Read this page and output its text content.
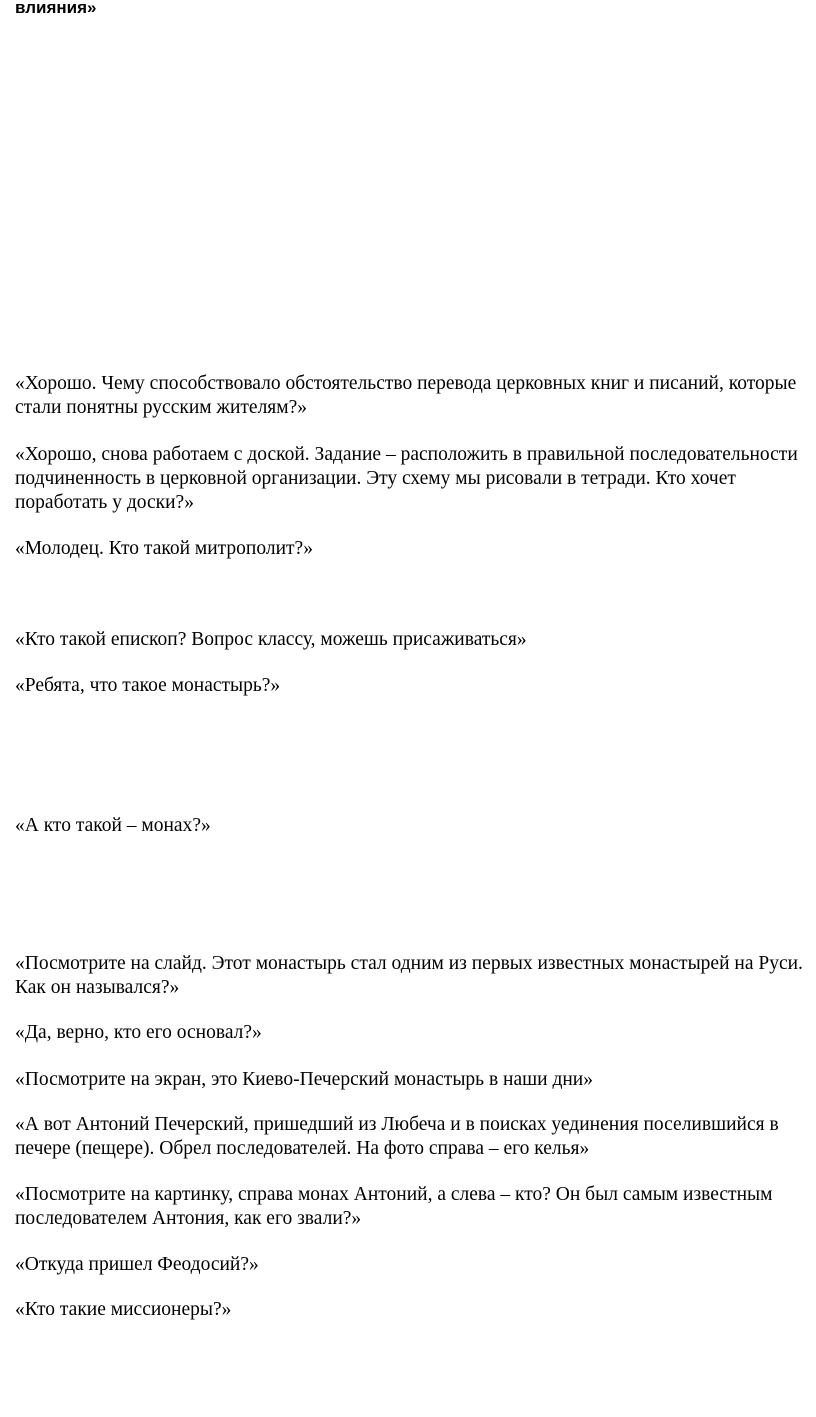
влияния»

«Хорошо. Чему способствовало обстоятельство перевода церковных книг и писаний, которые стали понятны русским жителям?»

«Хорошо, снова работаем с доской. Задание – расположить в правильной последовательности подчиненность в церковной организации. Эту схему мы рисовали в тетради. Кто хочет поработать у доски?»

«Молодец. Кто такой митрополит?»

«Кто такой епископ? Вопрос классу, можешь присаживаться»

«Ребята, что такое монастырь?»

«А кто такой – монах?»

«Посмотрите на слайд. Этот монастырь стал одним из первых известных монастырей на Руси. Как он назывался?»

«Да, верно, кто его основал?»

«Посмотрите на экран, это Киево-Печерский монастырь в наши дни»

«А вот Антоний Печерский, пришедший из Любеча и в поисках уединения поселившийся в печере (пещере). Обрел последователей. На фото справа – его келья»

«Посмотрите на картинку, справа монах Антоний, а слева – кто? Он был самым известным последователем Антония, как его звали?»

«Откуда пришел Феодосий?»

«Кто такие миссионеры?»
